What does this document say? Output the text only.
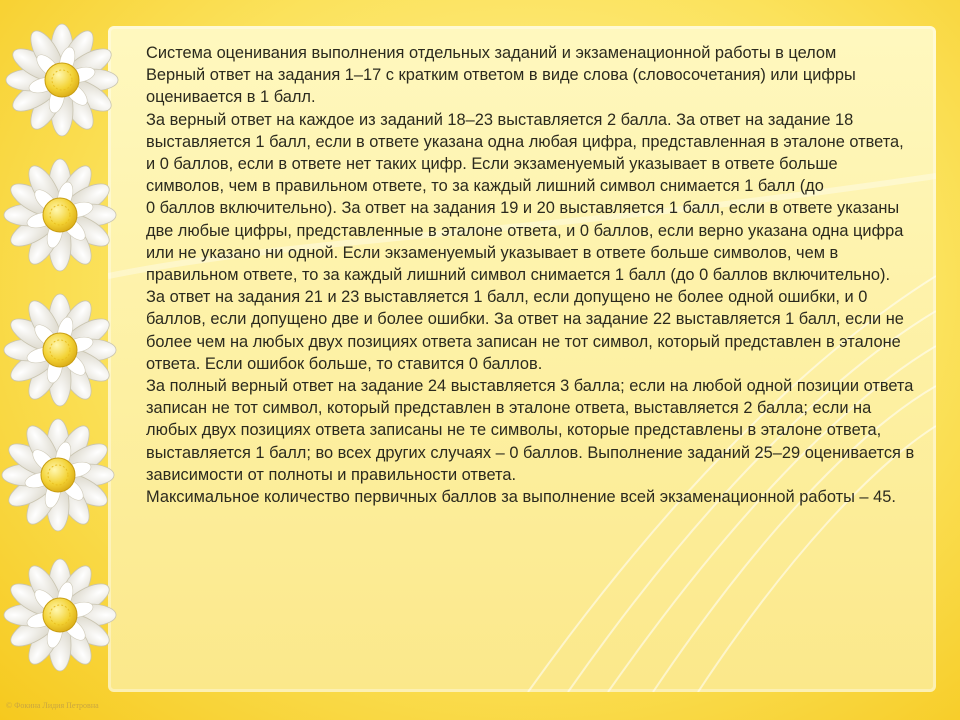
Система оценивания выполнения отдельных заданий и экзаменационной работы в целом

Верный ответ на задания 1–17 с кратким ответом в виде слова (словосочетания) или цифры оценивается в 1 балл.

За верный ответ на каждое из заданий 18–23 выставляется 2 балла. За ответ на задание 18 выставляется 1 балл, если в ответе указана одна любая цифра, представленная в эталоне ответа, и 0 баллов, если в ответе нет таких цифр. Если экзаменуемый указывает в ответе больше символов, чем в правильном ответе, то за каждый лишний символ снимается 1 балл (до

0 баллов включительно). За ответ на задания 19 и 20 выставляется 1 балл, если в ответе указаны

две любые цифры, представленные в эталоне ответа, и 0 баллов, если верно указана одна цифра или не указано ни одной. Если экзаменуемый указывает в ответе больше символов, чем в правильном ответе, то за каждый лишний символ снимается 1 балл (до 0 баллов включительно).

За ответ на задания 21 и 23 выставляется 1 балл, если допущено не более одной ошибки, и 0 баллов, если допущено две и более ошибки. За ответ на задание 22 выставляется 1 балл, если не более чем на любых двух позициях ответа записан не тот символ, который представлен в эталоне

ответа. Если ошибок больше, то ставится 0 баллов.

За полный верный ответ на задание 24 выставляется 3 балла; если на любой одной позиции ответа записан не тот символ, который представлен в эталоне ответа, выставляется 2 балла; если на любых двух позициях ответа записаны не те символы, которые представлены в эталоне ответа,

выставляется 1 балл; во всех других случаях – 0 баллов. Выполнение заданий 25–29 оценивается в зависимости от полноты и правильности ответа.

Максимальное количество первичных баллов за выполнение всей экзаменационной работы – 45.

© Фокина Лидия Петровна
